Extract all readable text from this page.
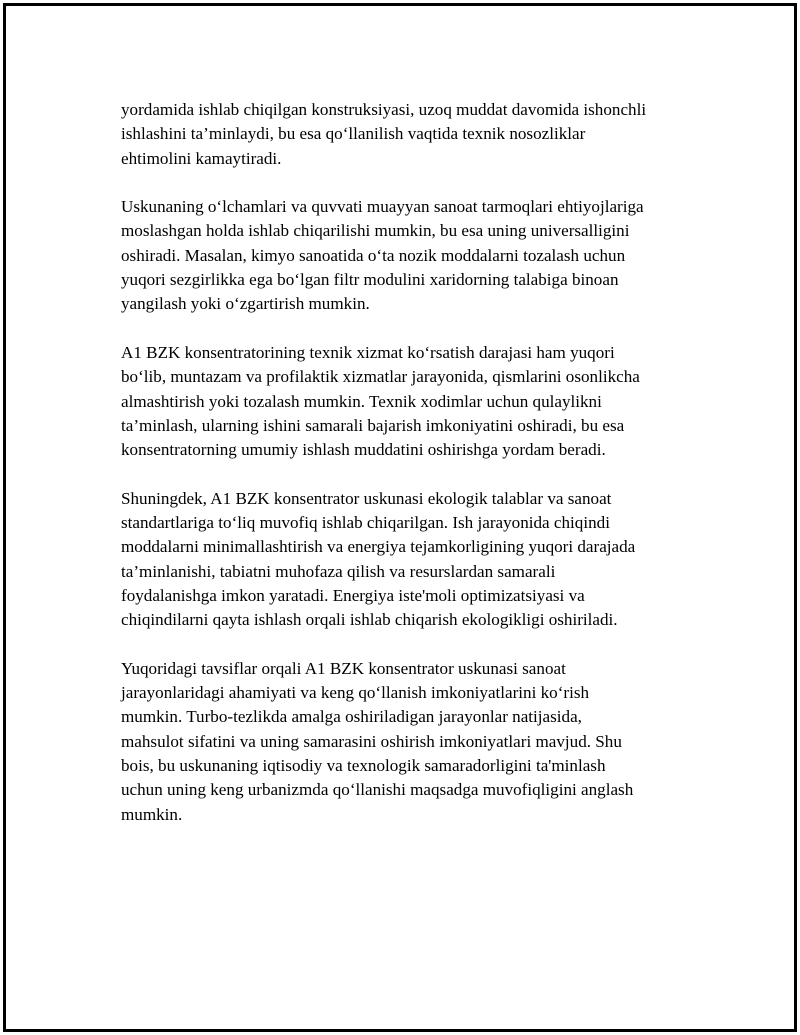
yordamida ishlab chiqilgan konstruksiyasi, uzoq muddat davomida ishonchli
ishlashini ta’minlaydi, bu esa qo‘llanilish vaqtida texnik nosozliklar
ehtimolini kamaytiradi.

Uskunaning o‘lchamlari va quvvati muayyan sanoat tarmoqlari ehtiyojlariga
moslashgan holda ishlab chiqarilishi mumkin, bu esa uning universalligini
oshiradi. Masalan, kimyo sanoatida o‘ta nozik moddalarni tozalash uchun
yuqori sezgirlikka ega bo‘lgan filtr modulini xaridorning talabiga binoan
yangilash yoki o‘zgartirish mumkin.

A1 BZK konsentratorining texnik xizmat ko‘rsatish darajasi ham yuqori
bo‘lib, muntazam va profilaktik xizmatlar jarayonida, qismlarini osonlikcha
almashtirish yoki tozalash mumkin. Texnik xodimlar uchun qulaylikni
ta’minlash, ularning ishini samarali bajarish imkoniyatini oshiradi, bu esa
konsentratorning umumiy ishlash muddatini oshirishga yordam beradi.

Shuningdek, A1 BZK konsentrator uskunasi ekologik talablar va sanoat
standartlariga to‘liq muvofiq ishlab chiqarilgan. Ish jarayonida chiqindi
moddalarni minimallashtirish va energiya tejamkorligining yuqori darajada
ta’minlanishi, tabiatni muhofaza qilish va resurslardan samarali
foydalanishga imkon yaratadi. Energiya iste'moli optimizatsiyasi va
chiqindilarni qayta ishlash orqali ishlab chiqarish ekologikligi oshiriladi.

Yuqoridagi tavsiflar orqali A1 BZK konsentrator uskunasi sanoat
jarayonlaridagi ahamiyati va keng qo‘llanish imkoniyatlarini ko‘rish
mumkin. Turbo-tezlikda amalga oshiriladigan jarayonlar natijasida,
mahsulot sifatini va uning samarasini oshirish imkoniyatlari mavjud. Shu
bois, bu uskunaning iqtisodiy va texnologik samaradorligini ta'minlash
uchun uning keng urbanizmda qo‘llanishi maqsadga muvofiqligini anglash
mumkin.
